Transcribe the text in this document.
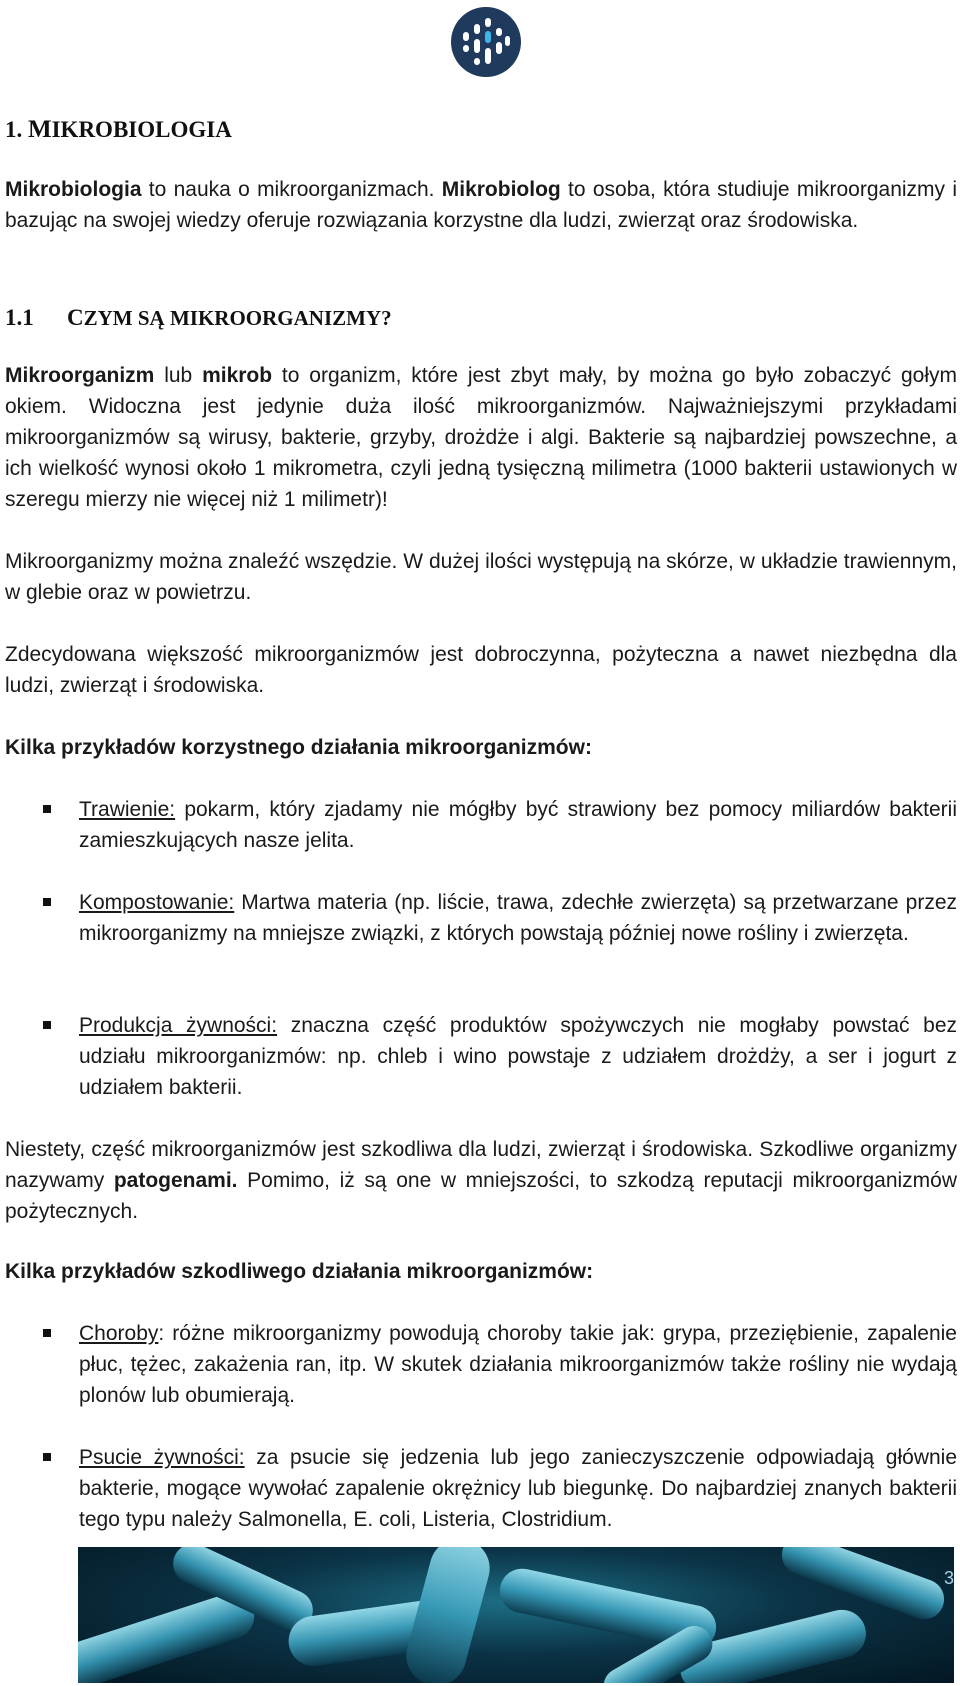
1. MIKROBIOLOGIA

Mikrobiologia to nauka o mikroorganizmach. Mikrobiolog to osoba, która studiuje mikroorganizmy i bazując na swojej wiedzy oferuje rozwiązania korzystne dla ludzi, zwierząt oraz środowiska.

1.1 CZYM SĄ MIKROORGANIZMY?

Mikroorganizm lub mikrob to organizm, które jest zbyt mały, by można go było zobaczyć gołym okiem. Widoczna jest jedynie duża ilość mikroorganizmów. Najważniejszymi przykładami mikroorganizmów są wirusy, bakterie, grzyby, drożdże i algi. Bakterie są najbardziej powszechne, a ich wielkość wynosi około 1 mikrometra, czyli jedną tysięczną milimetra (1000 bakterii ustawionych w szeregu mierzy nie więcej niż 1 milimetr)!

Mikroorganizmy można znaleźć wszędzie. W dużej ilości występują na skórze, w układzie trawiennym, w glebie oraz w powietrzu.

Zdecydowana większość mikroorganizmów jest dobroczynna, pożyteczna a nawet niezbędna dla ludzi, zwierząt i środowiska.

Kilka przykładów korzystnego działania mikroorganizmów:

Trawienie: pokarm, który zjadamy nie mógłby być strawiony bez pomocy miliardów bakterii zamieszkujących nasze jelita.

Kompostowanie: Martwa materia (np. liście, trawa, zdechłe zwierzęta) są przetwarzane przez mikroorganizmy na mniejsze związki, z których powstają później nowe rośliny i zwierzęta.

Produkcja żywności: znaczna część produktów spożywczych nie mogłaby powstać bez udziału mikroorganizmów: np. chleb i wino powstaje z udziałem drożdży, a ser i jogurt z udziałem bakterii.

Niestety, część mikroorganizmów jest szkodliwa dla ludzi, zwierząt i środowiska. Szkodliwe organizmy nazywamy patogenami. Pomimo, iż są one w mniejszości, to szkodzą reputacji mikroorganizmów pożytecznych.

Kilka przykładów szkodliwego działania mikroorganizmów:

Choroby: różne mikroorganizmy powodują choroby takie jak: grypa, przeziębienie, zapalenie płuc, tężec, zakażenia ran, itp. W skutek działania mikroorganizmów także rośliny nie wydają plonów lub obumierają.

Psucie żywności: za psucie się jedzenia lub jego zanieczyszczenie odpowiadają głównie bakterie, mogące wywołać zapalenie okrężnicy lub biegunkę. Do najbardziej znanych bakterii tego typu należy Salmonella, E. coli, Listeria, Clostridium.

3
